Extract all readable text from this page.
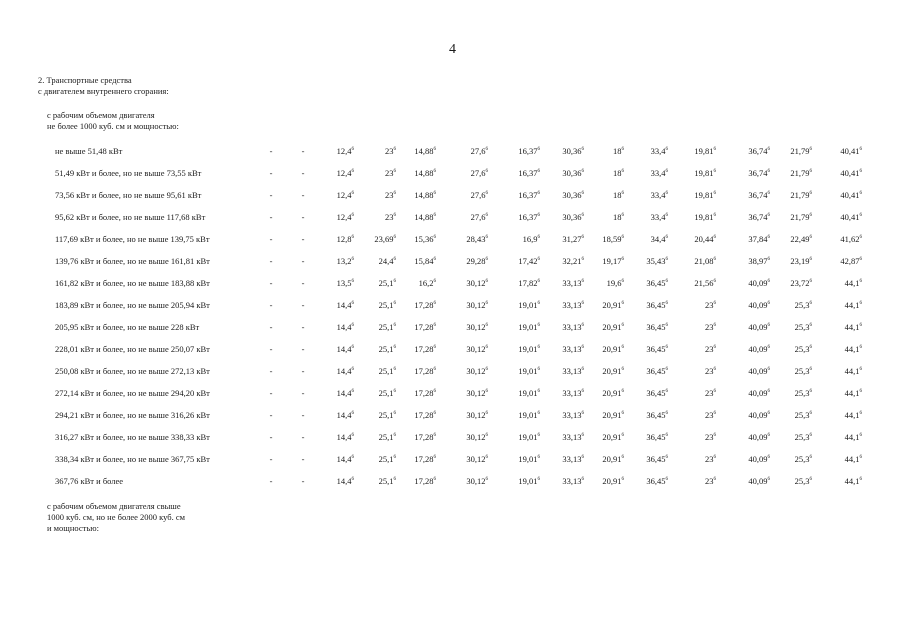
4
2. Транспортные средства
с двигателем внутреннего сгорания:
с рабочим объемом двигателя
не более 1000 куб. см и мощностью:
не выше 51,48 кВт	-	-	12,4$^6$	$23^6$	14,88$^6$	27,6$^6$	16,37$^6$	30,36$^6$	$18^6$	33,4$^6$	19,81$^6$	36,74$^6$	21,79$^6$	40,41$^6$
51,49 кВт и более, но не выше 73,55 кВт	-	-	12,4$^6$	$23^6$	14,88$^6$	27,6$^6$	16,37$^6$	30,36$^6$	$18^6$	33,4$^6$	19,81$^6$	36,74$^6$	21,79$^6$	40,41$^6$
73,56 кВт и более, но не выше 95,61 кВт	-	-	12,4$^6$	$23^6$	14,88$^6$	27,6$^6$	16,37$^6$	30,36$^6$	$18^6$	33,4$^6$	19,81$^6$	36,74$^6$	21,79$^6$	40,41$^6$
95,62 кВт и более, но не выше 117,68 кВт	-	-	12,4$^6$	$23^6$	14,88$^6$	27,6$^6$	16,37$^6$	30,36$^6$	$18^6$	33,4$^6$	19,81$^6$	36,74$^6$	21,79$^6$	40,41$^6$
117,69 кВт и более, но не выше 139,75 кВт	-	-	12,8$^6$	23,69$^6$	15,36$^6$	28,43$^6$	16,9$^6$	31,27$^6$	18,59$^6$	34,4$^6$	20,44$^6$	37,84$^6$	22,49$^6$	41,62$^6$
139,76 кВт и более, но не выше 161,81 кВт	-	-	13,2$^6$	24,4$^6$	15,84$^6$	29,28$^6$	17,42$^6$	32,21$^6$	19,17$^6$	35,43$^6$	21,08$^6$	38,97$^6$	23,19$^6$	42,87$^6$
161,82 кВт и более, но не выше 183,88 кВт	-	-	13,5$^6$	25,1$^6$	16,2$^6$	30,12$^6$	17,82$^6$	33,13$^6$	19,6$^6$	36,45$^6$	21,56$^6$	40,09$^6$	23,72$^6$	44,1$^6$
183,89 кВт и более, но не выше 205,94 кВт	-	-	14,4$^6$	25,1$^6$	17,28$^6$	30,12$^6$	19,01$^6$	33,13$^6$	20,91$^6$	36,45$^6$	$23^6$	40,09$^6$	25,3$^6$	44,1$^6$
205,95 кВт и более, но не выше 228 кВт	-	-	14,4$^6$	25,1$^6$	17,28$^6$	30,12$^6$	19,01$^6$	33,13$^6$	20,91$^6$	36,45$^6$	$23^6$	40,09$^6$	25,3$^6$	44,1$^6$
228,01 кВт и более, но не выше 250,07 кВт	-	-	14,4$^6$	25,1$^6$	17,28$^6$	30,12$^6$	19,01$^6$	33,13$^6$	20,91$^6$	36,45$^6$	$23^6$	40,09$^6$	25,3$^6$	44,1$^6$
250,08 кВт и более, но не выше 272,13 кВт	-	-	14,4$^6$	25,1$^6$	17,28$^6$	30,12$^6$	19,01$^6$	33,13$^6$	20,91$^6$	36,45$^6$	$23^6$	40,09$^6$	25,3$^6$	44,1$^6$
272,14 кВт и более, но не выше 294,20 кВт	-	-	14,4$^6$	25,1$^6$	17,28$^6$	30,12$^6$	19,01$^6$	33,13$^6$	20,91$^6$	36,45$^6$	$23^6$	40,09$^6$	25,3$^6$	44,1$^6$
294,21 кВт и более, но не выше 316,26 кВт	-	-	14,4$^6$	25,1$^6$	17,28$^6$	30,12$^6$	19,01$^6$	33,13$^6$	20,91$^6$	36,45$^6$	$23^6$	40,09$^6$	25,3$^6$	44,1$^6$
316,27 кВт и более, но не выше 338,33 кВт	-	-	14,4$^6$	25,1$^6$	17,28$^6$	30,12$^6$	19,01$^6$	33,13$^6$	20,91$^6$	36,45$^6$	$23^6$	40,09$^6$	25,3$^6$	44,1$^6$
338,34 кВт и более, но не выше 367,75 кВт	-	-	14,4$^6$	25,1$^6$	17,28$^6$	30,12$^6$	19,01$^6$	33,13$^6$	20,91$^6$	36,45$^6$	$23^6$	40,09$^6$	25,3$^6$	44,1$^6$
367,76 кВт и более	-	-	14,4$^6$	25,1$^6$	17,28$^6$	30,12$^6$	19,01$^6$	33,13$^6$	20,91$^6$	36,45$^6$	$23^6$	40,09$^6$	25,3$^6$	44,1$^6$
с рабочим объемом двигателя свыше
1000 куб. см, но не более 2000 куб. см
и мощностью:
